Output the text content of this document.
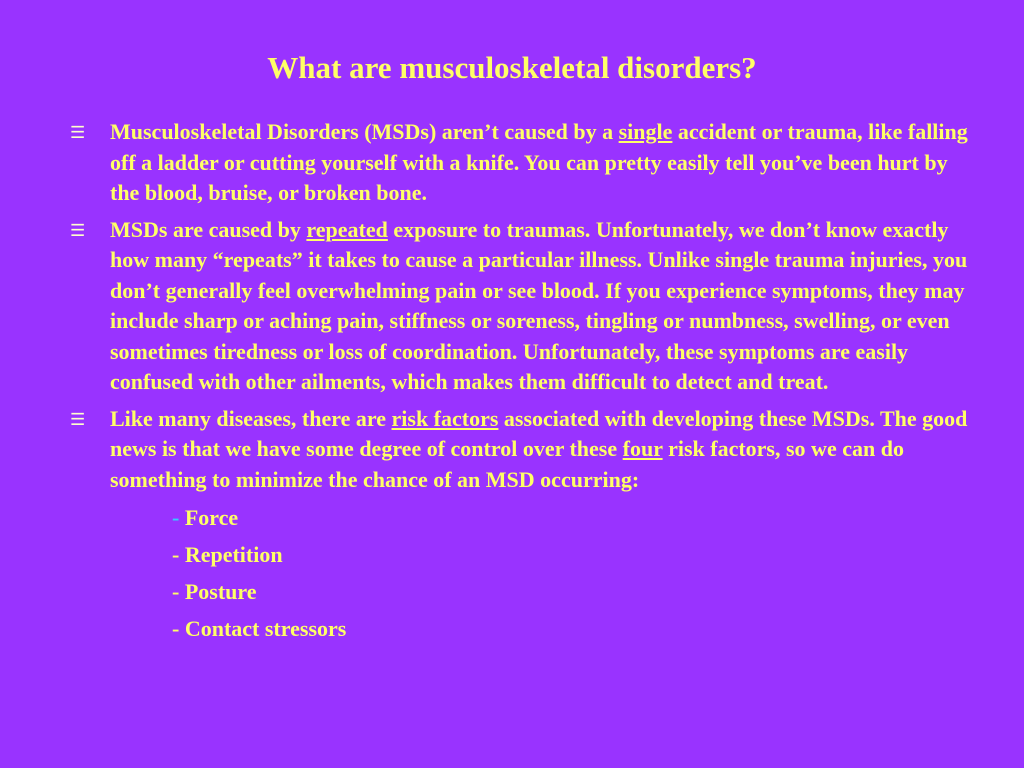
What are musculoskeletal disorders?
☰ Musculoskeletal Disorders (MSDs) aren’t caused by a single accident or trauma, like falling off a ladder or cutting yourself with a knife. You can pretty easily tell you’ve been hurt by the blood, bruise, or broken bone.
☰ MSDs are caused by repeated exposure to traumas. Unfortunately, we don’t know exactly how many “repeats” it takes to cause a particular illness. Unlike single trauma injuries, you don’t generally feel overwhelming pain or see blood. If you experience symptoms, they may include sharp or aching pain, stiffness or soreness, tingling or numbness, swelling, or even sometimes tiredness or loss of coordination. Unfortunately, these symptoms are easily confused with other ailments, which makes them difficult to detect and treat.
☰ Like many diseases, there are risk factors associated with developing these MSDs. The good news is that we have some degree of control over these four risk factors, so we can do something to minimize the chance of an MSD occurring:
- Force
- Repetition
- Posture
- Contact stressors
